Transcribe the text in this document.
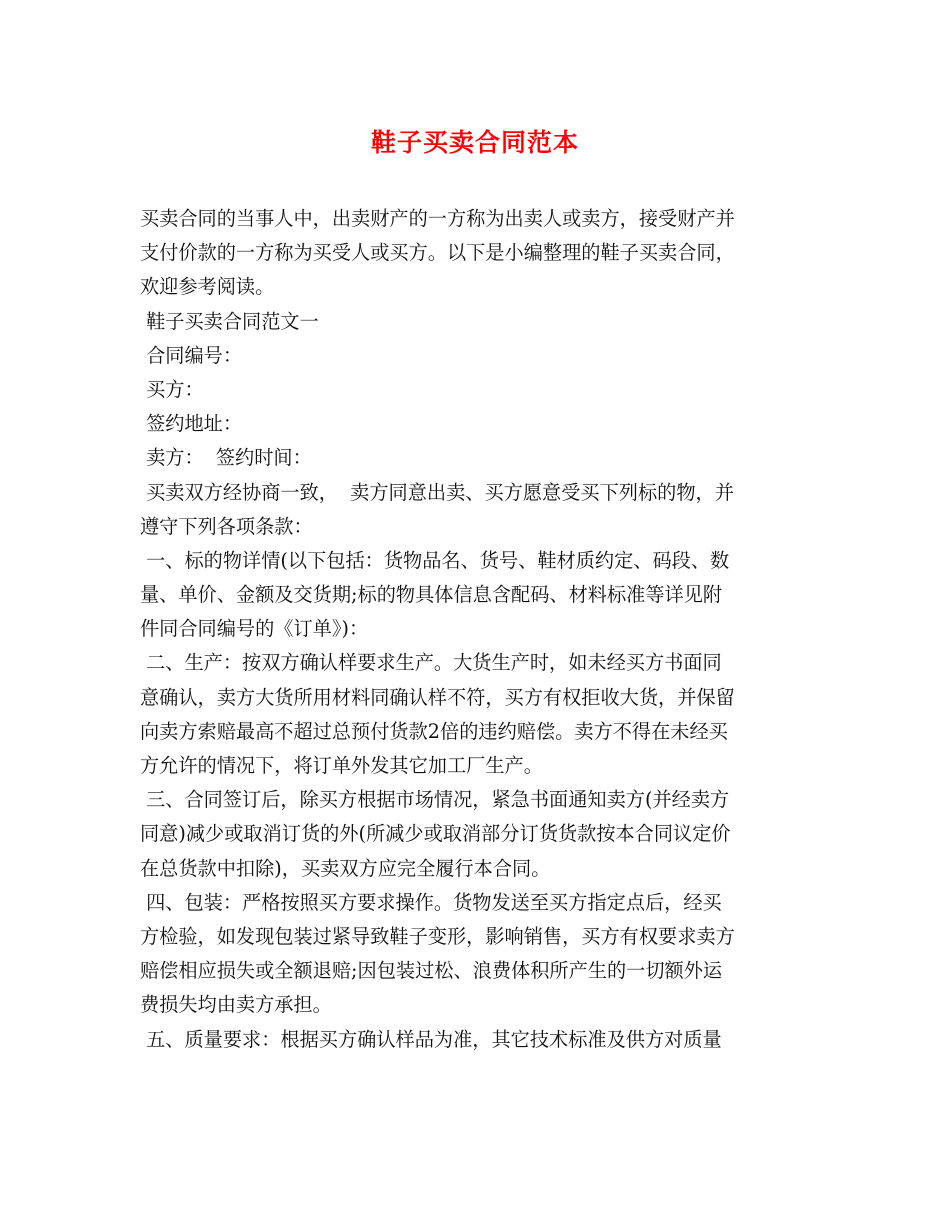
鞋子买卖合同范本
买卖合同的当事人中，出卖财产的一方称为出卖人或卖方，接受财产并
支付价款的一方称为买受人或买方。以下是小编整理的鞋子买卖合同，
欢迎参考阅读。
鞋子买卖合同范文一
合同编号：
买方：
签约地址：
卖方：  签约时间：
买卖双方经协商一致，  卖方同意出卖、买方愿意受买下列标的物，并
遵守下列各项条款：
一、标的物详情(以下包括：货物品名、货号、鞋材质约定、码段、数
量、单价、金额及交货期;标的物具体信息含配码、材料标准等详见附
件同合同编号的《订单》)：
二、生产：按双方确认样要求生产。大货生产时，如未经买方书面同
意确认，卖方大货所用材料同确认样不符，买方有权拒收大货，并保留
向卖方索赔最高不超过总预付货款2倍的违约赔偿。卖方不得在未经买
方允许的情况下，将订单外发其它加工厂生产。
三、合同签订后，除买方根据市场情况，紧急书面通知卖方(并经卖方
同意)减少或取消订货的外(所减少或取消部分订货货款按本合同议定价
在总货款中扣除)，买卖双方应完全履行本合同。
四、包装：严格按照买方要求操作。货物发送至买方指定点后，经买
方检验，如发现包装过紧导致鞋子变形，影响销售，买方有权要求卖方
赔偿相应损失或全额退赔;因包装过松、浪费体积所产生的一切额外运
费损失均由卖方承担。
五、质量要求：根据买方确认样品为准，其它技术标准及供方对质量
